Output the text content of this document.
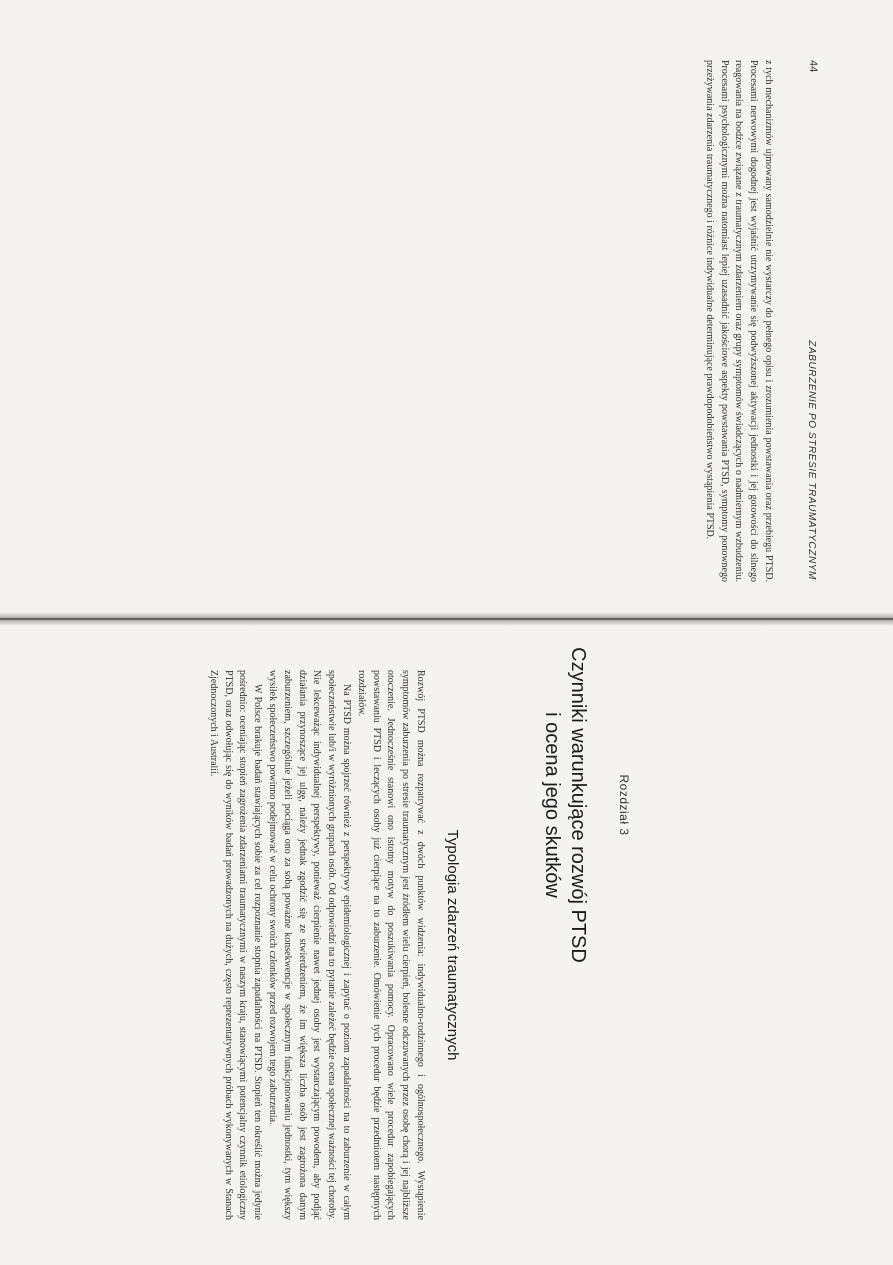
44
ZABURZENIE PO STRESIE TRAUMATYCZNYM
z tych mechanizmów ujmowany samodzielnie nie wystarczy do pełnego opisu i zrozumienia powstawania oraz przebiegu PTSD. Procesami nerwowymi dogodnej jest wyjaśnić utrzymywanie się podwyższonej aktywacji jednostki i jej gotowości do silnego reagowania na bodźce związane z traumatycznym zdarzeniem oraz grupy symptomów świadczących o nadmiernym wzbudzeniu. Procesami psychologicznymi można natomiast lepiej uzasadnić jakościowe aspekty powstawania PTSD, symptomy ponownego przeżywania zdarzenia traumatycznego i różnice indywidualne determinujące prawdopodobieństwo wystąpienia PTSD.
Rozdział 3
Czynniki warunkujące rozwój PTSD
i ocena jego skutków
Typologia zdarzeń traumatycznych

Rozwój PTSD można rozpatrywać z dwóch punktów widzenia: indywidualno-rodzinnego i ogólnospołecznego. Wystąpienie symptomów zaburzenia po stresie traumatycznym jest źródłem wielu cierpień, bolesne odczuwanych przez osobę chorą i jej najbliższe otoczenie. Jednocześnie stanowi ono istotny motyw do poszukiwania pomocy. Opracowano wiele procedur zapobiegających powstawaniu PTSD i leczących osoby już cierpiące na to zaburzenie. Omówienie tych procedur będzie przedmiotem następnych rozdziałów.

Na PTSD można spojrzeć również z perspektywy epidemiologicznej i zapytać o poziom zapadalności na to zaburzenie w całym społeczeństwie lub/i w wyróżnionych grupach osób. Od odpowiedzi na to pytanie zależeć będzie ocena społecznej ważności tej choroby. Nie lekceważąc indywidualnej perspektywy, ponieważ cierpienie nawet jednej osoby jest wystarczającym powodem, aby podjąć działania przynoszące jej ulgę, należy jednak zgodzić się ze stwierdzeniem, że im większa liczba osób jest zagrożona danym zaburzeniem, szczególnie jeżeli pociąga ono za sobą poważne konsekwencje w społecznym funkcjonowaniu jednostki, tym większy wysiłek społeczeństwo powinno podejmować w celu ochrony swoich członków przed rozwojem tego zaburzenia.

W Polsce brakuje badań stawiających sobie za cel rozpoznanie stopnia zapadalności na PTSD. Stopień ten określić można jedynie pośrednio: oceniając stopień zagrożenia zdarzeniami traumatycznymi w naszym kraju, stanowiącymi potencjalny czynnik etiologiczny PTSD, oraz odwołując się do wyników badań prowadzonych na dużych, często reprezentatywnych próbach wykonywanych w Stanach Zjednoczonych i Australii.
